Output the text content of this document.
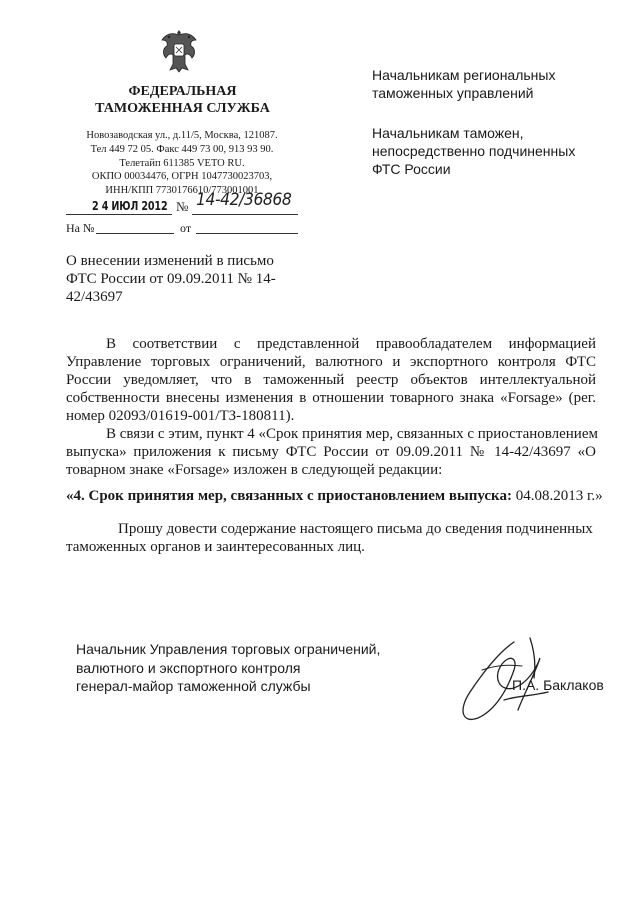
ФЕДЕРАЛЬНАЯ
ТАМОЖЕННАЯ СЛУЖБА
Новозаводская ул., д.11/5, Москва, 121087.
Тел 449 72 05. Факс 449 73 00, 913 93 90.
Телетайп 611385 VETO RU.
ОКПО 00034476, ОГРН 1047730023703,
ИНН/КПП 7730176610/773001001
2 4 ИЮЛ 2012 № 14-42/36868
На №	от
О внесении изменений в письмо
ФТС России от 09.09.2011 № 14-
42/43697
Начальникам региональных
таможенных управлений
Начальникам таможен,
непосредственно подчиненных
ФТС России
В соответствии с представленной правообладателем информацией
Управление торговых ограничений, валютного и экспортного контроля ФТС
России уведомляет, что в таможенный реестр объектов интеллектуальной
собственности внесены изменения в отношении товарного знака «Forsage» (рег.
номер 02093/01619-001/ТЗ-180811).
В связи с этим, пункт 4 «Срок принятия мер, связанных с приостановлением
выпуска» приложения к письму ФТС России от 09.09.2011 № 14-42/43697 «О
товарном знаке «Forsage» изложен в следующей редакции:
«4. Срок принятия мер, связанных с приостановлением выпуска: 04.08.2013 г.»
Прошу довести содержание настоящего письма до сведения подчиненных
таможенных органов и заинтересованных лиц.
Начальник Управления торговых ограничений,
валютного и экспортного контроля
генерал-майор таможенной службы	П.А. Баклаков
